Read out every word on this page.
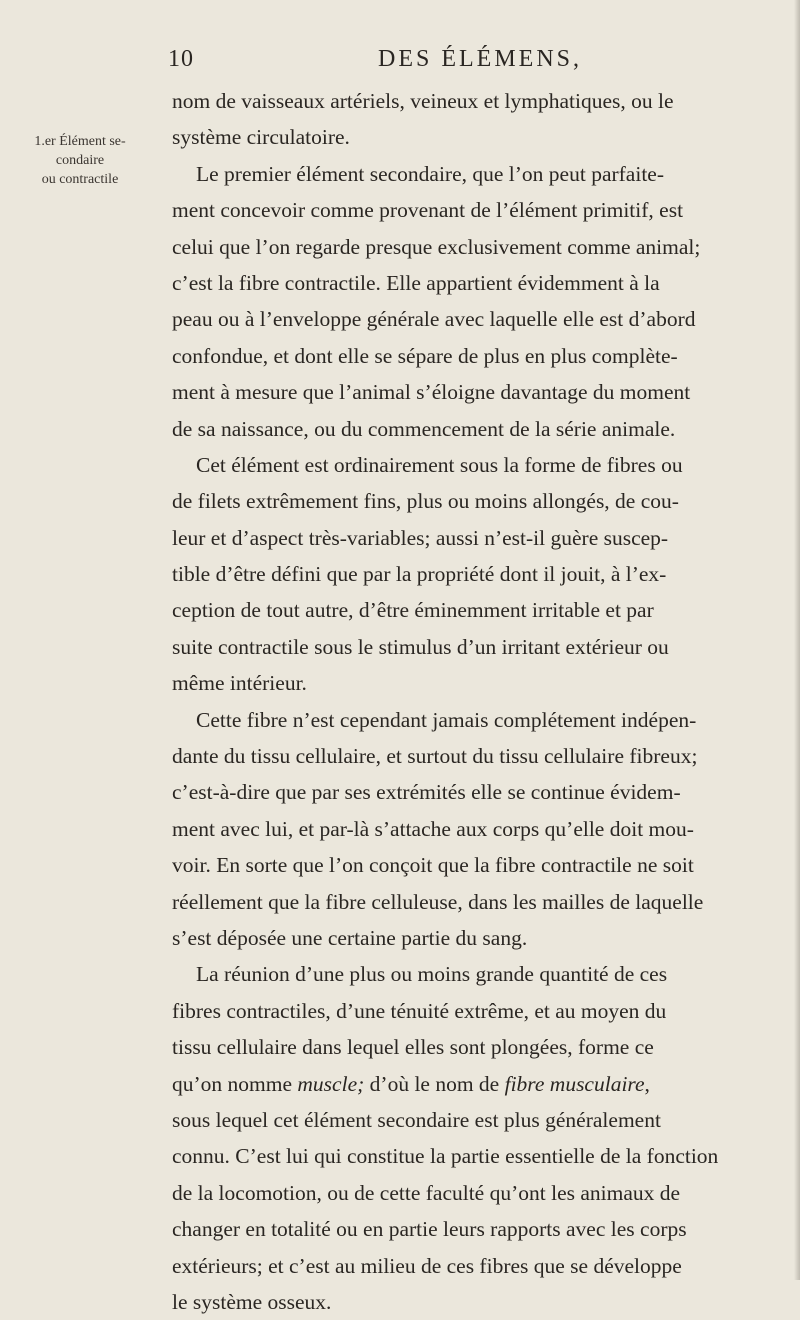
10	DES ÉLÉMENS,
1.er Élément se-
condaire
ou contractile
nom de vaisseaux artériels, veineux et lymphatiques, ou le
système circulatoire.
Le premier élément secondaire, que l’on peut parfaite-
ment concevoir comme provenant de l’élément primitif, est
celui que l’on regarde presque exclusivement comme animal;
c’est la fibre contractile. Elle appartient évidemment à la
peau ou à l’enveloppe générale avec laquelle elle est d’abord
confondue, et dont elle se sépare de plus en plus complète-
ment à mesure que l’animal s’éloigne davantage du moment
de sa naissance, ou du commencement de la série animale.
Cet élément est ordinairement sous la forme de fibres ou
de filets extrêmement fins, plus ou moins allongés, de cou-
leur et d’aspect très-variables; aussi n’est-il guère suscep-
tible d’être défini que par la propriété dont il jouit, à l’ex-
ception de tout autre, d’être éminemment irritable et par
suite contractile sous le stimulus d’un irritant extérieur ou
même intérieur.
Cette fibre n’est cependant jamais complétement indépen-
dante du tissu cellulaire, et surtout du tissu cellulaire fibreux;
c’est-à-dire que par ses extrémités elle se continue évidem-
ment avec lui, et par-là s’attache aux corps qu’elle doit mou-
voir. En sorte que l’on conçoit que la fibre contractile ne soit
réellement que la fibre celluleuse, dans les mailles de laquelle
s’est déposée une certaine partie du sang.
La réunion d’une plus ou moins grande quantité de ces
fibres contractiles, d’une ténuité extrême, et au moyen du
tissu cellulaire dans lequel elles sont plongées, forme ce
qu’on nomme muscle; d’où le nom de fibre musculaire,
sous lequel cet élément secondaire est plus généralement
connu. C’est lui qui constitue la partie essentielle de la fonction
de la locomotion, ou de cette faculté qu’ont les animaux de
changer en totalité ou en partie leurs rapports avec les corps
extérieurs; et c’est au milieu de ces fibres que se développe
le système osseux.
